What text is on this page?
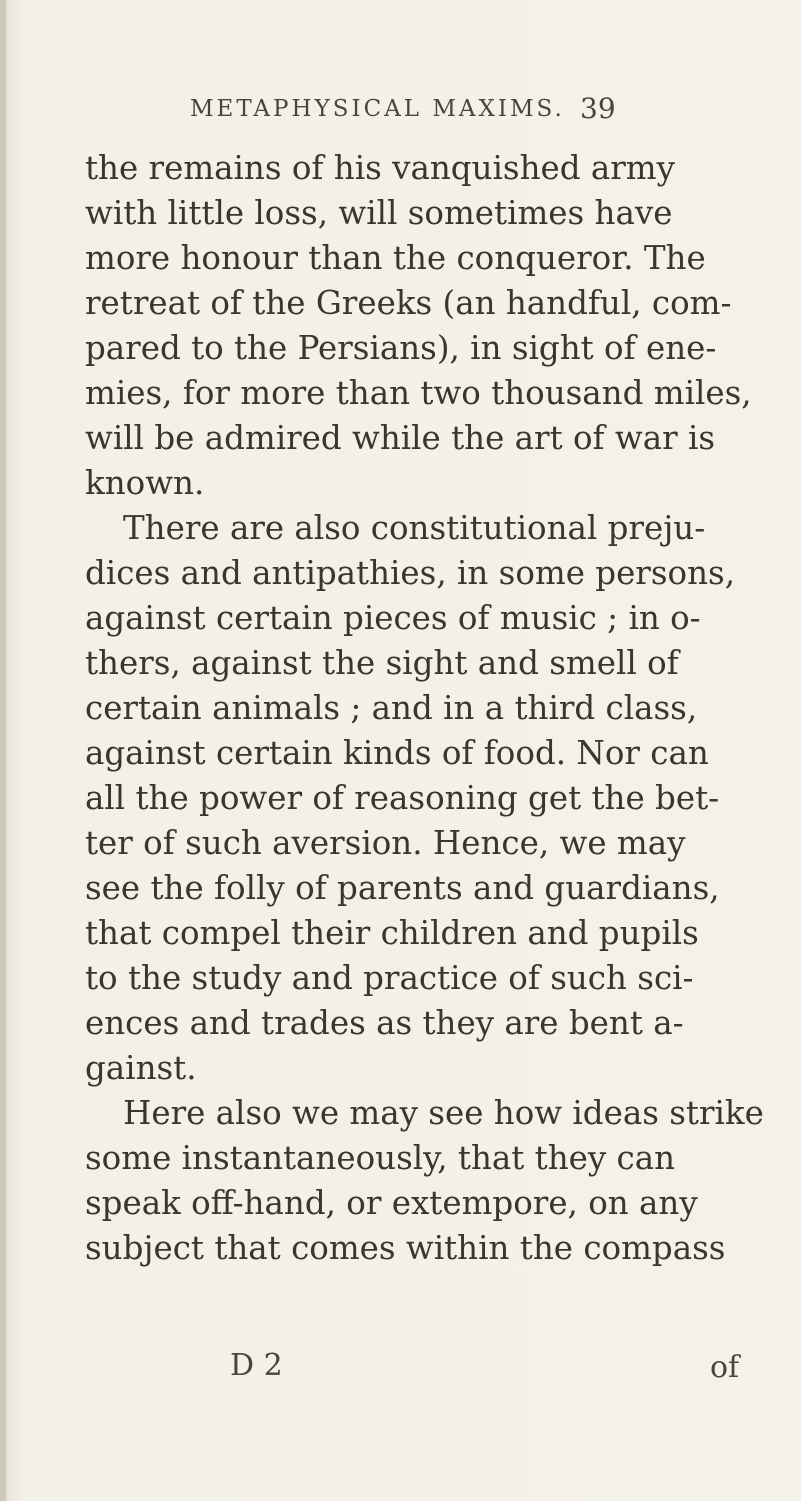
METAPHYSICAL MAXIMS. 39
the remains of his vanquished army
with little loss, will sometimes have
more honour than the conqueror. The
retreat of the Greeks (an handful, com-
pared to the Persians), in sight of ene-
mies, for more than two thousand miles,
will be admired while the art of war is
known.
There are also constitutional preju-
dices and antipathies, in some persons,
against certain pieces of music ; in o-
thers, against the sight and smell of
certain animals ; and in a third class,
against certain kinds of food. Nor can
all the power of reasoning get the bet-
ter of such aversion. Hence, we may
see the folly of parents and guardians,
that compel their children and pupils
to the study and practice of such sci-
ences and trades as they are bent a-
gainst.
Here also we may see how ideas strike
some instantaneously, that they can
speak off-hand, or extempore, on any
subject that comes within the compass
D 2	of
